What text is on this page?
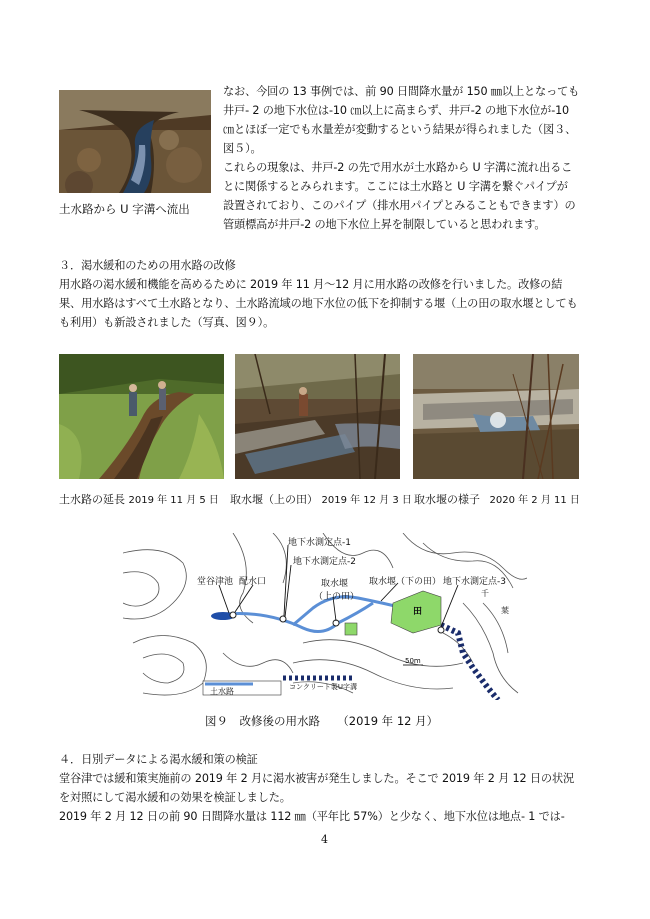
土水路から U 字溝へ流出
なお、今回の 13 事例では、前 90 日間降水量が 150 ㎜以上となっても
井戸- 2 の地下水位は-10 ㎝以上に高まらず、井戸-2 の地下水位が-10
㎝とほぼ一定でも水量差が変動するという結果が得られました（図３、
図５）。
これらの現象は、井戸-2 の先で用水が土水路から U 字溝に流れ出るこ
とに関係するとみられます。ここには土水路と U 字溝を繋ぐパイプが
設置されており、このパイプ（排水用パイプとみることもできます）の
管頭標高が井戸-2 の地下水位上昇を制限していると思われます。
３．渇水緩和のための用水路の改修
用水路の渇水緩和機能を高めるために 2019 年 11 月～12 月に用水路の改修を行いました。改修の結
果、用水路はすべて土水路となり、土水路流域の地下水位の低下を抑制する堰（上の田の取水堰としても
も利用）も新設されました（写真、図９）。
土水路の延長 2019 年 11 月 5 日 取水堰（上の田） 2019 年 12 月 3 日 取水堰の様子 2020 年 2 月 11 日
地下水測定点-1
地下水測定点-2
堂谷津池 配水口	取水堰
（上の田）
取水堰（下の田） 地下水測定点-3
田
千
葉
50m
土水路	コンクリート製U字溝
図９　改修後の用水路　　（2019 年 12 月）
４．日別データによる渇水緩和策の検証
堂谷津では緩和策実施前の 2019 年 2 月に渇水被害が発生しました。そこで 2019 年 2 月 12 日の状況
を対照にして渇水緩和の効果を検証しました。
2019 年 2 月 12 日の前 90 日間降水量は 112 ㎜（平年比 57%）と少なく、地下水位は地点- 1 では-
4
